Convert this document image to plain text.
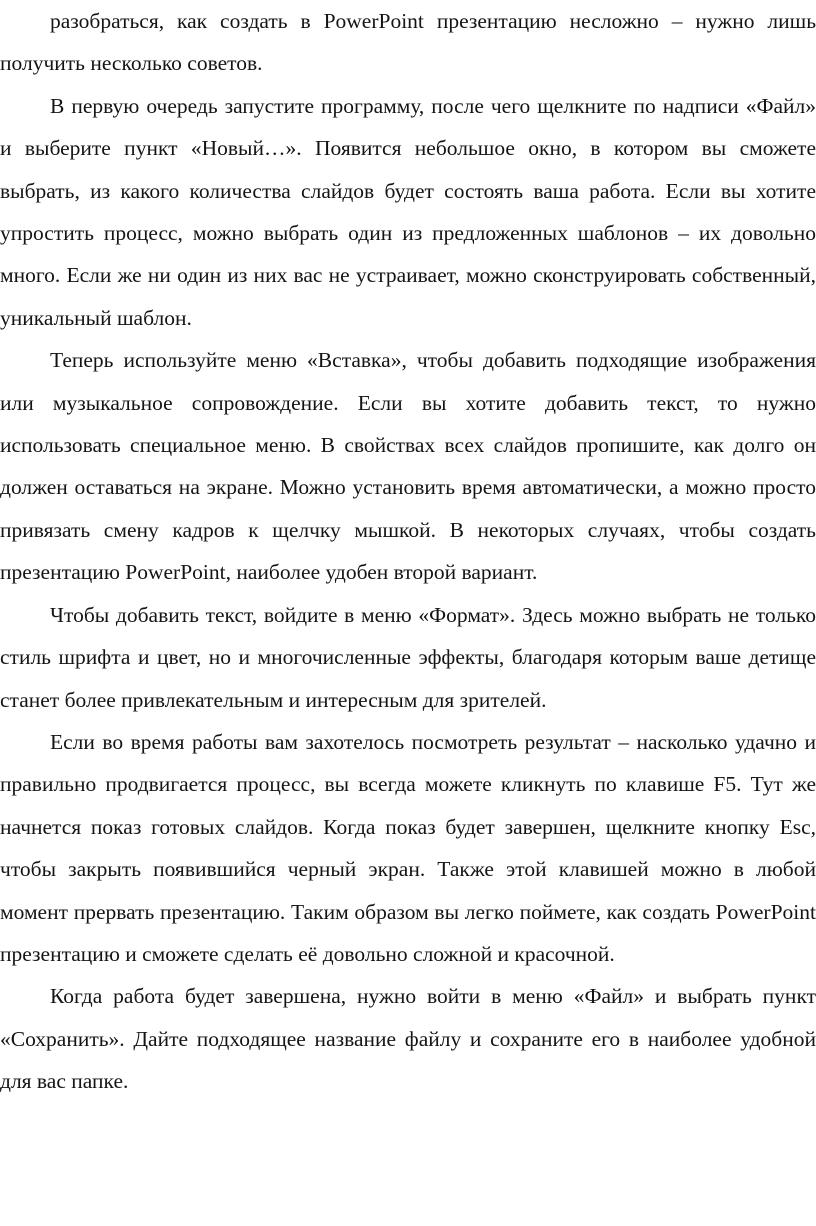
разобраться, как создать в PowerPoint презентацию несложно – нужно лишь получить несколько советов.

В первую очередь запустите программу, после чего щелкните по надписи «Файл» и выберите пункт «Новый…». Появится небольшое окно, в котором вы сможете выбрать, из какого количества слайдов будет состоять ваша работа. Если вы хотите упростить процесс, можно выбрать один из предложенных шаблонов – их довольно много. Если же ни один из них вас не устраивает, можно сконструировать собственный, уникальный шаблон.

Теперь используйте меню «Вставка», чтобы добавить подходящие изображения или музыкальное сопровождение. Если вы хотите добавить текст, то нужно использовать специальное меню. В свойствах всех слайдов пропишите, как долго он должен оставаться на экране. Можно установить время автоматически, а можно просто привязать смену кадров к щелчку мышкой. В некоторых случаях, чтобы создать презентацию PowerPoint, наиболее удобен второй вариант.

Чтобы добавить текст, войдите в меню «Формат». Здесь можно выбрать не только стиль шрифта и цвет, но и многочисленные эффекты, благодаря которым ваше детище станет более привлекательным и интересным для зрителей.

Если во время работы вам захотелось посмотреть результат – насколько удачно и правильно продвигается процесс, вы всегда можете кликнуть по клавише F5. Тут же начнется показ готовых слайдов. Когда показ будет завершен, щелкните кнопку Esc, чтобы закрыть появившийся черный экран. Также этой клавишей можно в любой момент прервать презентацию. Таким образом вы легко поймете, как создать PowerPoint презентацию и сможете сделать её довольно сложной и красочной.

Когда работа будет завершена, нужно войти в меню «Файл» и выбрать пункт «Сохранить». Дайте подходящее название файлу и сохраните его в наиболее удобной для вас папке.
